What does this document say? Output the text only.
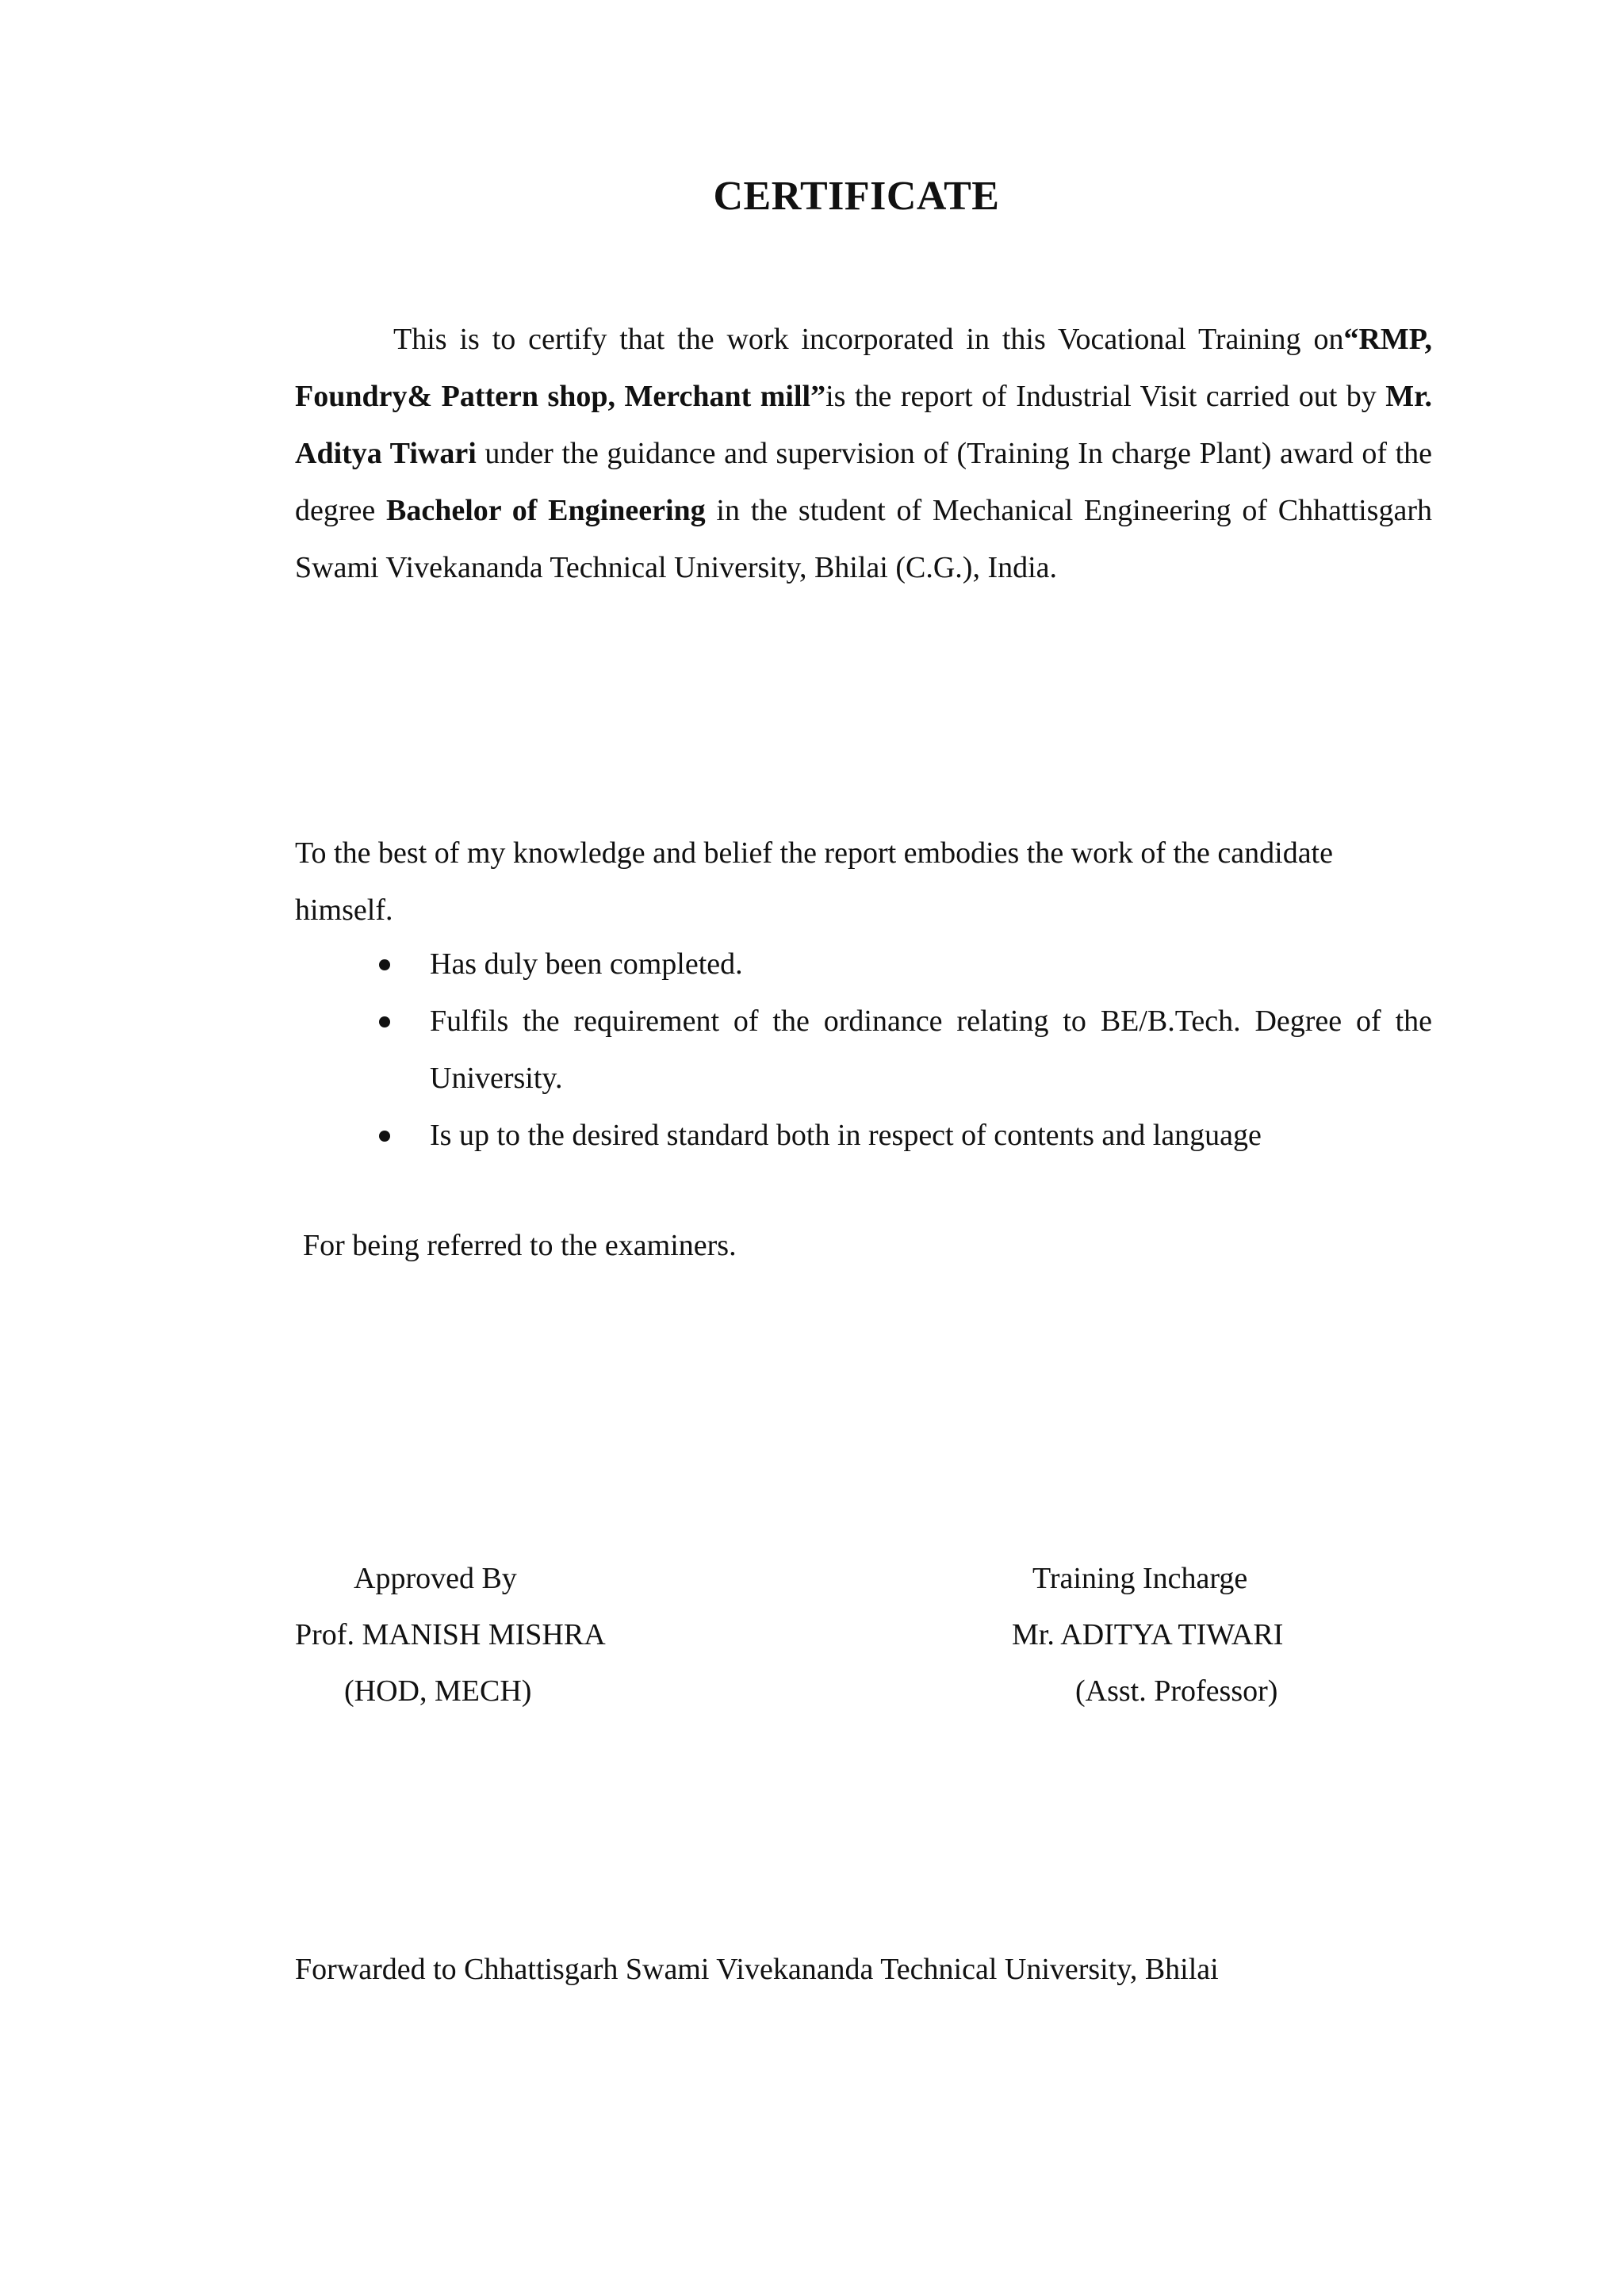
CERTIFICATE
This is to certify that the work incorporated in this Vocational Training on“RMP, Foundry& Pattern shop, Merchant mill”is the report of Industrial Visit carried out by Mr. Aditya Tiwari under the guidance and supervision of (Training In charge Plant) award of the degree Bachelor of Engineering in the student of Mechanical Engineering of Chhattisgarh Swami Vivekananda Technical University, Bhilai (C.G.), India.
To the best of my knowledge and belief the report embodies the work of the candidate himself.
Has duly been completed.
Fulfils the requirement of the ordinance relating to BE/B.Tech. Degree of the University.
Is up to the desired standard both in respect of contents and language
For being referred to the examiners.
Approved By
Prof. MANISH MISHRA
(HOD, MECH)
Training Incharge
Mr. ADITYA TIWARI
(Asst. Professor)
Forwarded to Chhattisgarh Swami Vivekananda Technical University, Bhilai
